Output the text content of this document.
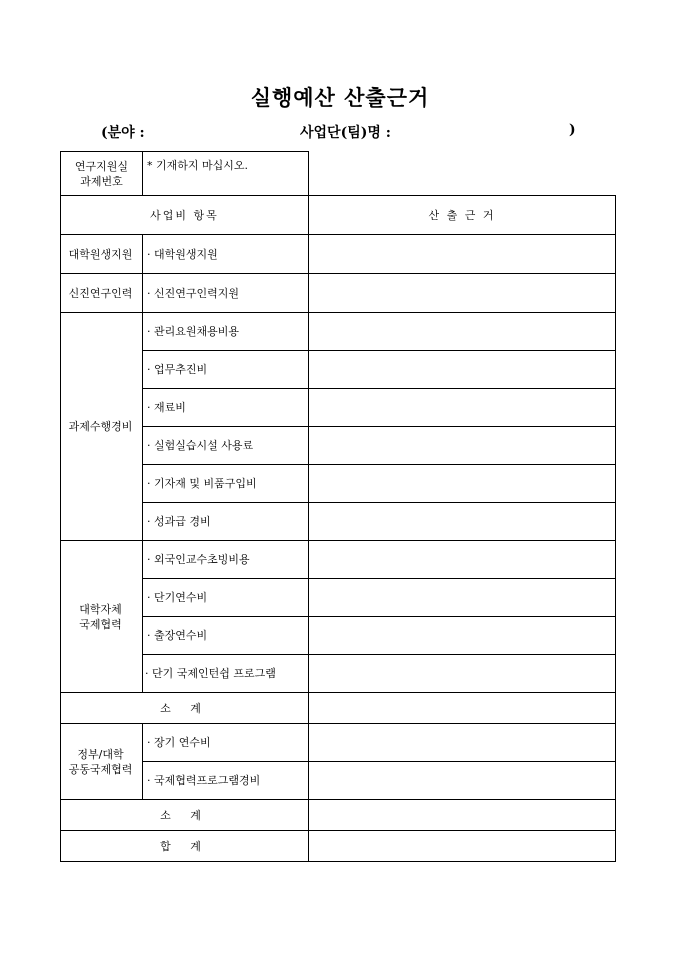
실행예산 산출근거
(분야 :	사업단(팀)명 :	)
연구지원실
과제번호	* 기재하지 마십시오.	
사업비 항목		산 출 근 거
대학원생지원	· 대학원생지원	
신진연구인력	· 신진연구인력지원	
과제수행경비	· 관리요원채용비용	
	· 업무추진비	
	· 재료비	
	· 실험실습시설 사용료	
	· 기자재 및 비품구입비	
	· 성과급 경비	

대학자체
국제협력	· 외국인교수초빙비용	
	· 단기연수비	
	· 출장연수비	
	· 단기 국제인턴쉽 프로그램	
소 계		

정부/대학
공동국제협력	· 장기 연수비	
	· 국제협력프로그램경비	
소 계		
합 계		
